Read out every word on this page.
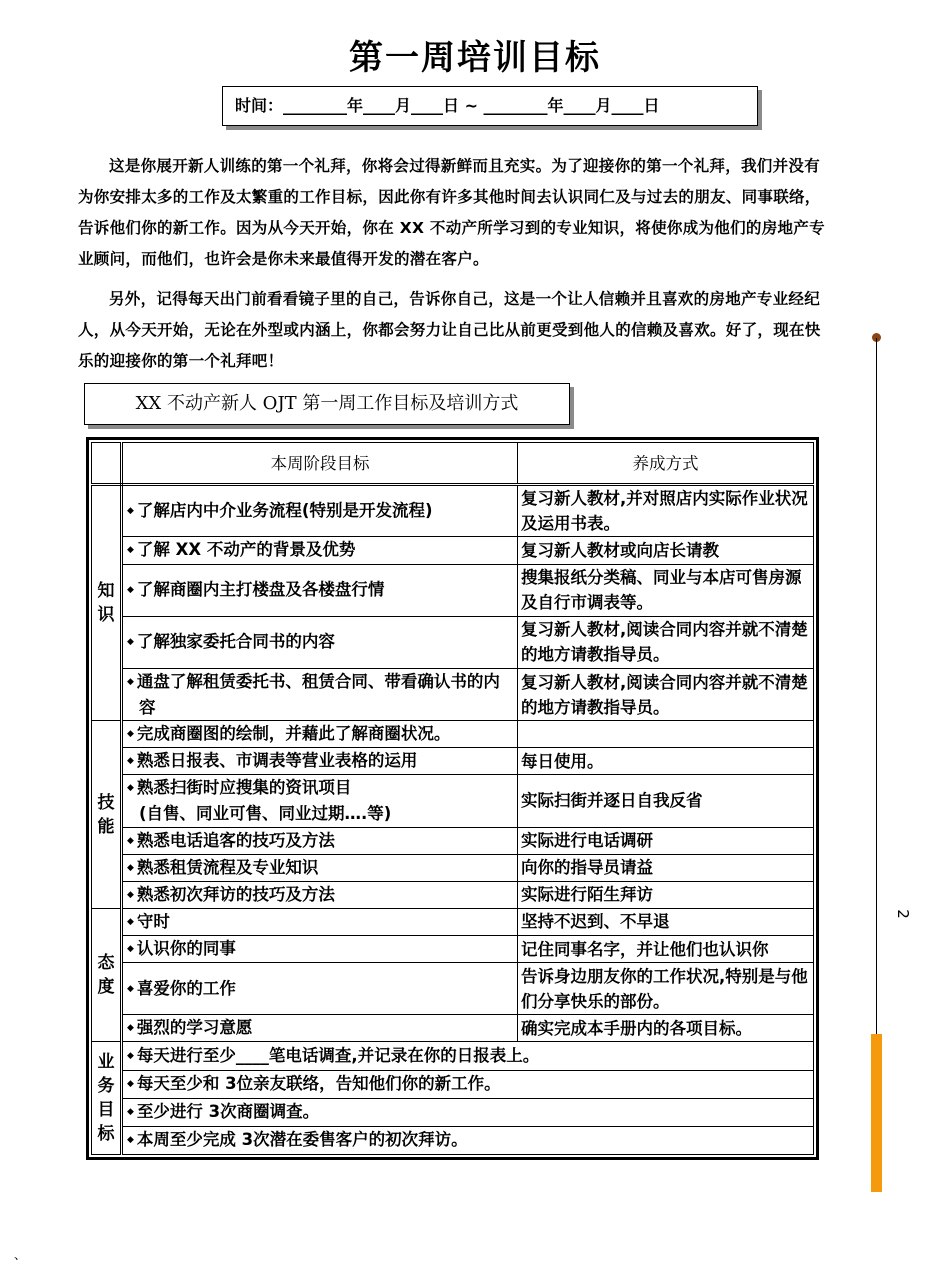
第一周培训目标
时间：________年____月____日 ~ ________年____月____日

这是你展开新人训练的第一个礼拜，你将会过得新鲜而且充实。为了迎接你的第一个礼拜，我们并没有为你安排太多的工作及太繁重的工作目标，因此你有许多其他时间去认识同仁及与过去的朋友、同事联络，告诉他们你的新工作。因为从今天开始，你在 XX 不动产所学习到的专业知识，将使你成为他们的房地产专业顾问，而他们，也许会是你未来最值得开发的潜在客户。

另外，记得每天出门前看看镜子里的自己，告诉你自己，这是一个让人信赖并且喜欢的房地产专业经纪人，从今天开始，无论在外型或内涵上，你都会努力让自己比从前更受到他人的信赖及喜欢。好了，现在快乐的迎接你的第一个礼拜吧！

XX 不动产新人 OJT 第一周工作目标及培训方式
	本周阶段目标	养成方式
知
识	◆ 了解店内中介业务流程(特别是开发流程)	复习新人教材,并对照店内实际作业状况及运用书表。
	◆ 了解 XX 不动产的背景及优势	复习新人教材或向店长请教
	◆ 了解商圈内主打楼盘及各楼盘行情	搜集报纸分类稿、同业与本店可售房源及自行市调表等。
	◆ 了解独家委托合同书的内容	复习新人教材,阅读合同内容并就不清楚的地方请教指导员。
	◆ 通盘了解租赁委托书、租赁合同、带看确认书的内容	复习新人教材,阅读合同内容并就不清楚的地方请教指导员。
技
能	◆ 完成商圈图的绘制，并藉此了解商圈状况。	
	◆ 熟悉日报表、市调表等营业表格的运用	每日使用。
	◆ 熟悉扫街时应搜集的资讯项目
(自售、同业可售、同业过期….等)	实际扫街并逐日自我反省
	◆ 熟悉电话追客的技巧及方法	实际进行电话调研
	◆ 熟悉租赁流程及专业知识	向你的指导员请益
	◆ 熟悉初次拜访的技巧及方法	实际进行陌生拜访
态
度	◆ 守时	坚持不迟到、不早退
	◆ 认识你的同事	记住同事名字，并让他们也认识你
	◆ 喜爱你的工作	告诉身边朋友你的工作状况,特别是与他们分享快乐的部份。
	◆ 强烈的学习意愿	确实完成本手册内的各项目标。
业
务
目
标	◆ 每天进行至少____笔电话调查,并记录在你的日报表上。	
	◆ 每天至少和 3位亲友联络，告知他们你的新工作。	
	◆ 至少进行 3次商圈调查。	
	◆ 本周至少完成 3次潜在委售客户的初次拜访。	
2
、
